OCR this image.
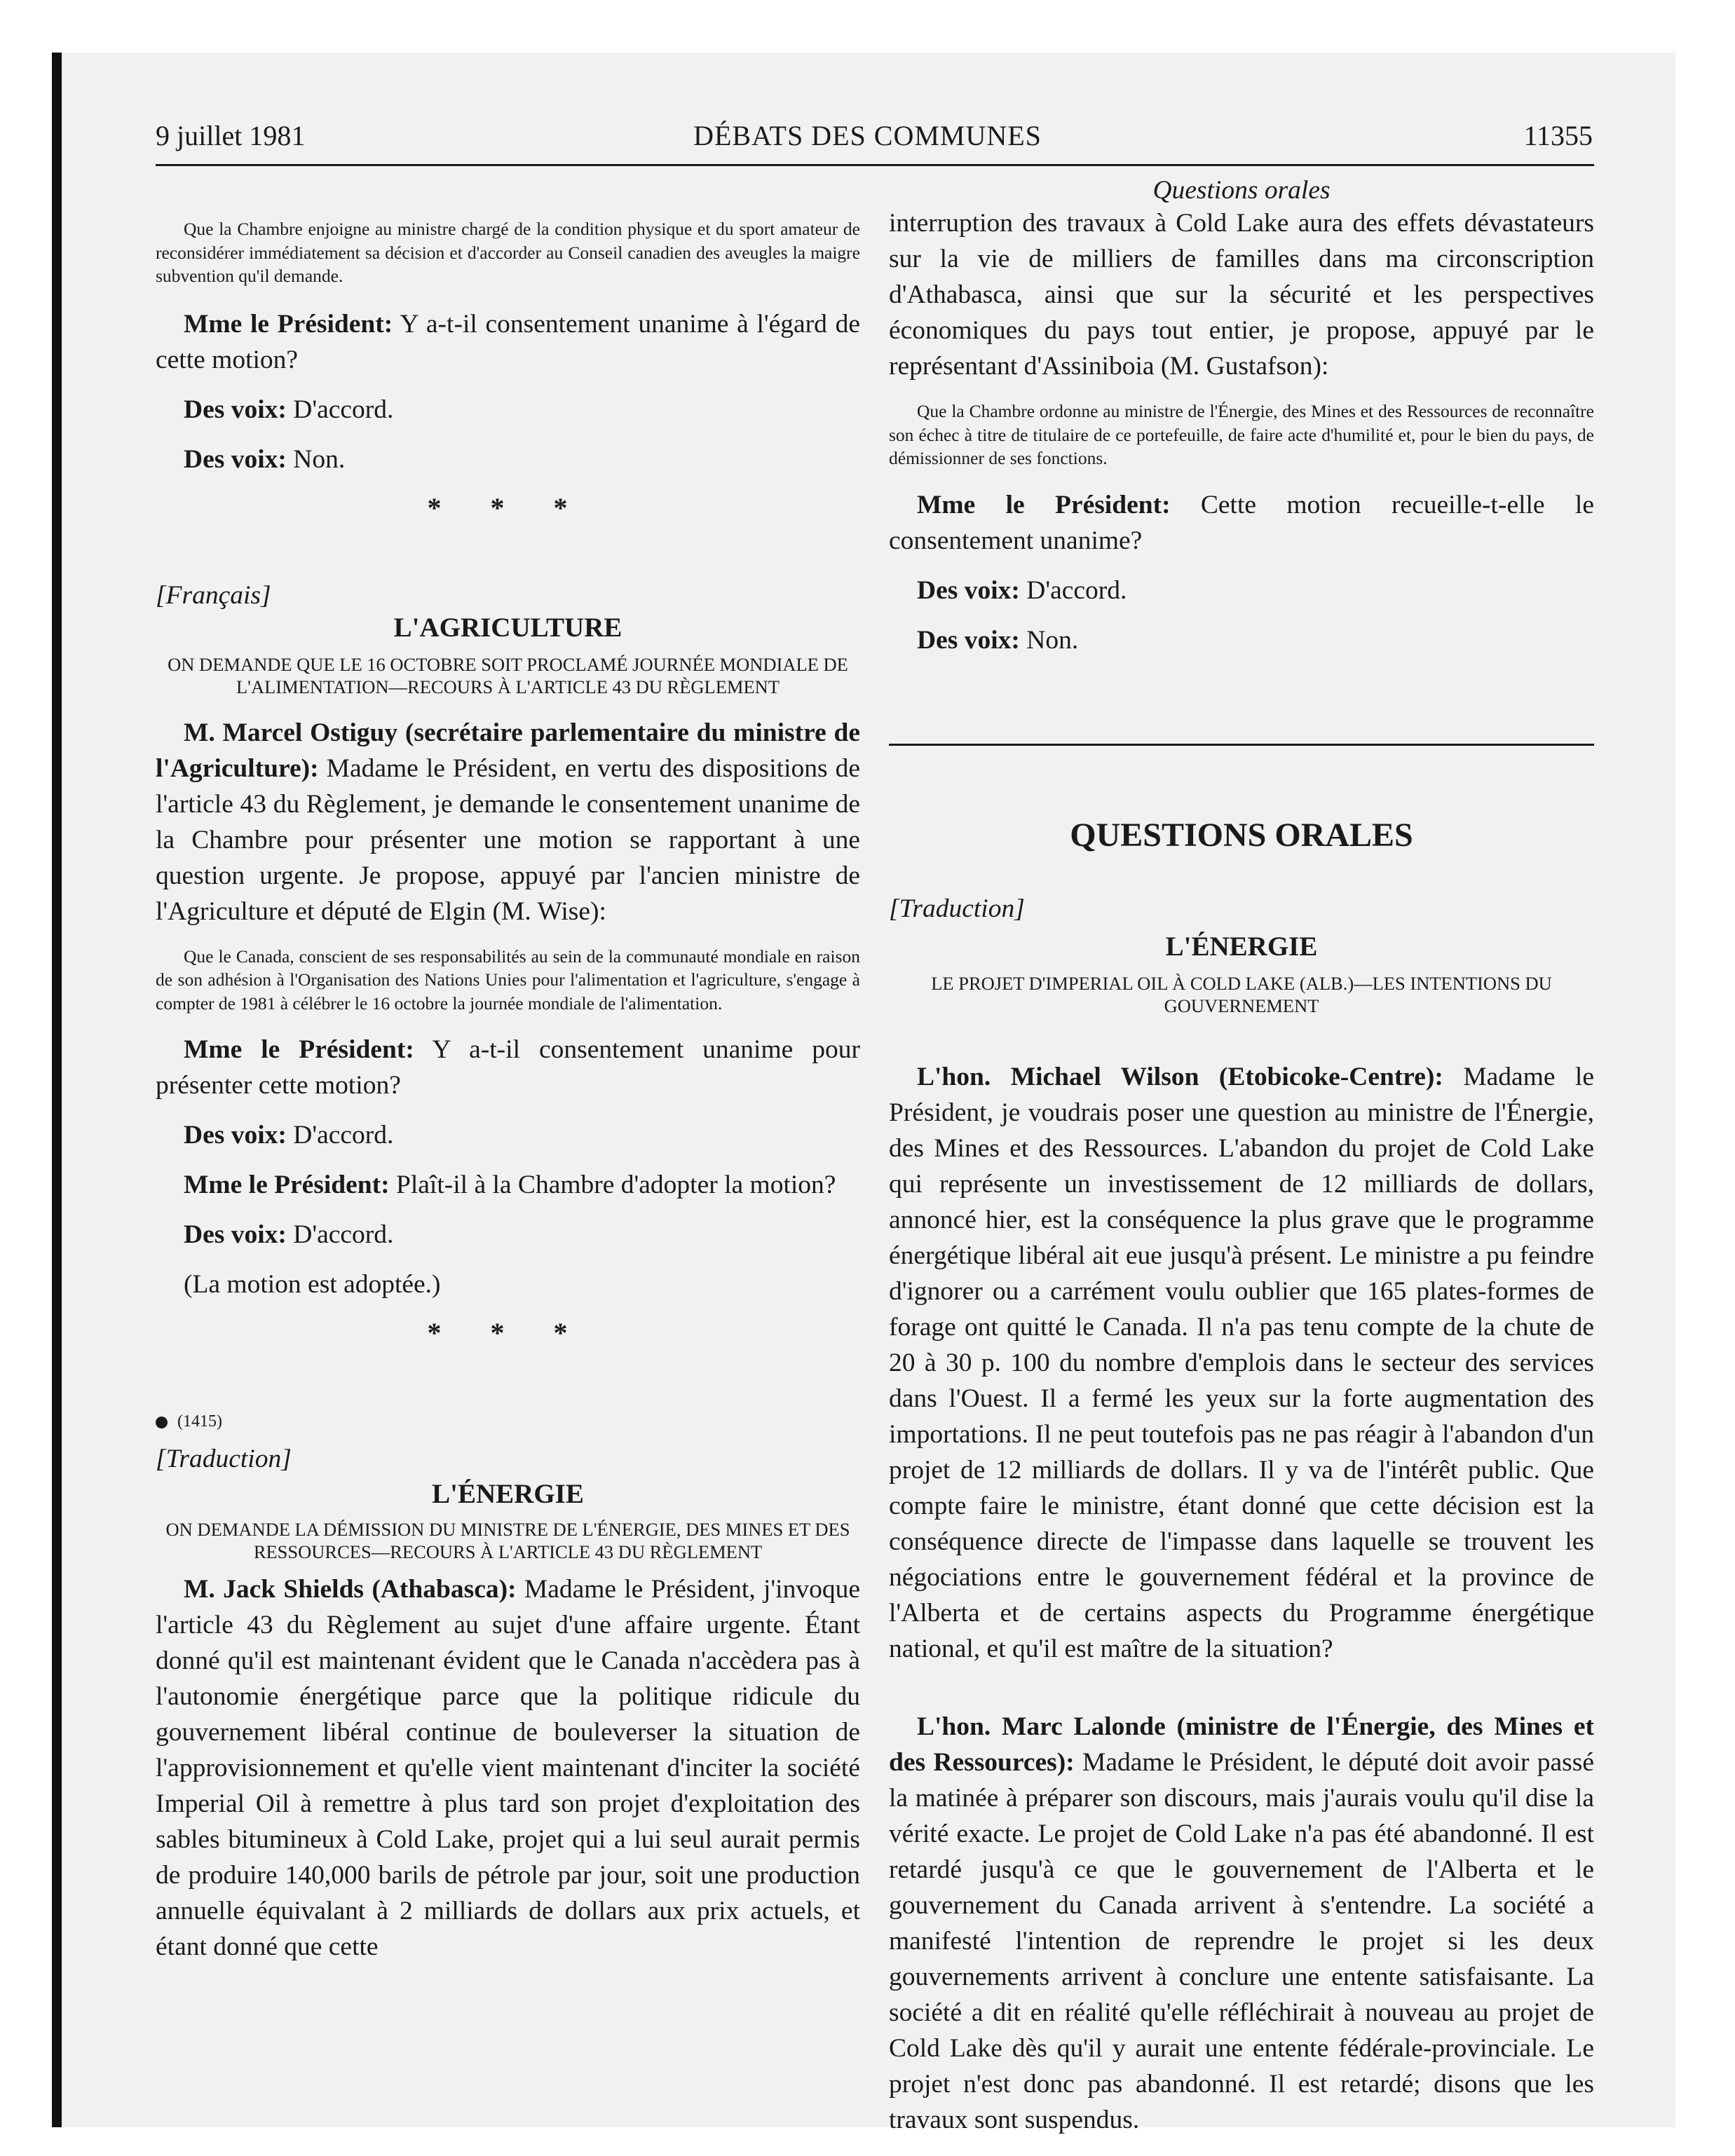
9 juillet 1981	DÉBATS DES COMMUNES	11355

Que la Chambre enjoigne au ministre chargé de la condition physique et du sport amateur de reconsidérer immédiatement sa décision et d'accorder au Conseil canadien des aveugles la maigre subvention qu'il demande.

Mme le Président: Y a-t-il consentement unanime à l'égard de cette motion?

Des voix: D'accord.

Des voix: Non.

* * *

[Français]

L'AGRICULTURE

ON DEMANDE QUE LE 16 OCTOBRE SOIT PROCLAMÉ JOURNÉE MONDIALE DE L'ALIMENTATION—RECOURS À L'ARTICLE 43 DU RÈGLEMENT

M. Marcel Ostiguy (secrétaire parlementaire du ministre de l'Agriculture): Madame le Président, en vertu des dispositions de l'article 43 du Règlement, je demande le consentement unanime de la Chambre pour présenter une motion se rapportant à une question urgente. Je propose, appuyé par l'ancien ministre de l'Agriculture et député de Elgin (M. Wise):

Que le Canada, conscient de ses responsabilités au sein de la communauté mondiale en raison de son adhésion à l'Organisation des Nations Unies pour l'alimentation et l'agriculture, s'engage à compter de 1981 à célébrer le 16 octobre la journée mondiale de l'alimentation.

Mme le Président: Y a-t-il consentement unanime pour présenter cette motion?

Des voix: D'accord.

Mme le Président: Plaît-il à la Chambre d'adopter la motion?

Des voix: D'accord.

(La motion est adoptée.)

* * *

(1415)

[Traduction]

L'ÉNERGIE

ON DEMANDE LA DÉMISSION DU MINISTRE DE L'ÉNERGIE, DES MINES ET DES RESSOURCES—RECOURS À L'ARTICLE 43 DU RÈGLEMENT

M. Jack Shields (Athabasca): Madame le Président, j'invoque l'article 43 du Règlement au sujet d'une affaire urgente. Étant donné qu'il est maintenant évident que le Canada n'accèdera pas à l'autonomie énergétique parce que la politique ridicule du gouvernement libéral continue de bouleverser la situation de l'approvisionnement et qu'elle vient maintenant d'inciter la société Imperial Oil à remettre à plus tard son projet d'exploitation des sables bitumineux à Cold Lake, projet qui a lui seul aurait permis de produire 140,000 barils de pétrole par jour, soit une production annuelle équivalant à 2 milliards de dollars aux prix actuels, et étant donné que cette

Questions orales

interruption des travaux à Cold Lake aura des effets dévastateurs sur la vie de milliers de familles dans ma circonscription d'Athabasca, ainsi que sur la sécurité et les perspectives économiques du pays tout entier, je propose, appuyé par le représentant d'Assiniboia (M. Gustafson):

Que la Chambre ordonne au ministre de l'Énergie, des Mines et des Ressources de reconnaître son échec à titre de titulaire de ce portefeuille, de faire acte d'humilité et, pour le bien du pays, de démissionner de ses fonctions.

Mme le Président: Cette motion recueille-t-elle le consentement unanime?

Des voix: D'accord.

Des voix: Non.

QUESTIONS ORALES

[Traduction]

L'ÉNERGIE

LE PROJET D'IMPERIAL OIL À COLD LAKE (ALB.)—LES INTENTIONS DU GOUVERNEMENT

L'hon. Michael Wilson (Etobicoke-Centre): Madame le Président, je voudrais poser une question au ministre de l'Énergie, des Mines et des Ressources. L'abandon du projet de Cold Lake qui représente un investissement de 12 milliards de dollars, annoncé hier, est la conséquence la plus grave que le programme énergétique libéral ait eue jusqu'à présent. Le ministre a pu feindre d'ignorer ou a carrément voulu oublier que 165 plates-formes de forage ont quitté le Canada. Il n'a pas tenu compte de la chute de 20 à 30 p. 100 du nombre d'emplois dans le secteur des services dans l'Ouest. Il a fermé les yeux sur la forte augmentation des importations. Il ne peut toutefois pas ne pas réagir à l'abandon d'un projet de 12 milliards de dollars. Il y va de l'intérêt public. Que compte faire le ministre, étant donné que cette décision est la conséquence directe de l'impasse dans laquelle se trouvent les négociations entre le gouvernement fédéral et la province de l'Alberta et de certains aspects du Programme énergétique national, et qu'il est maître de la situation?

L'hon. Marc Lalonde (ministre de l'Énergie, des Mines et des Ressources): Madame le Président, le député doit avoir passé la matinée à préparer son discours, mais j'aurais voulu qu'il dise la vérité exacte. Le projet de Cold Lake n'a pas été abandonné. Il est retardé jusqu'à ce que le gouvernement de l'Alberta et le gouvernement du Canada arrivent à s'entendre. La société a manifesté l'intention de reprendre le projet si les deux gouvernements arrivent à conclure une entente satisfaisante. La société a dit en réalité qu'elle réfléchirait à nouveau au projet de Cold Lake dès qu'il y aurait une entente fédérale-provinciale. Le projet n'est donc pas abandonné. Il est retardé; disons que les travaux sont suspendus.
